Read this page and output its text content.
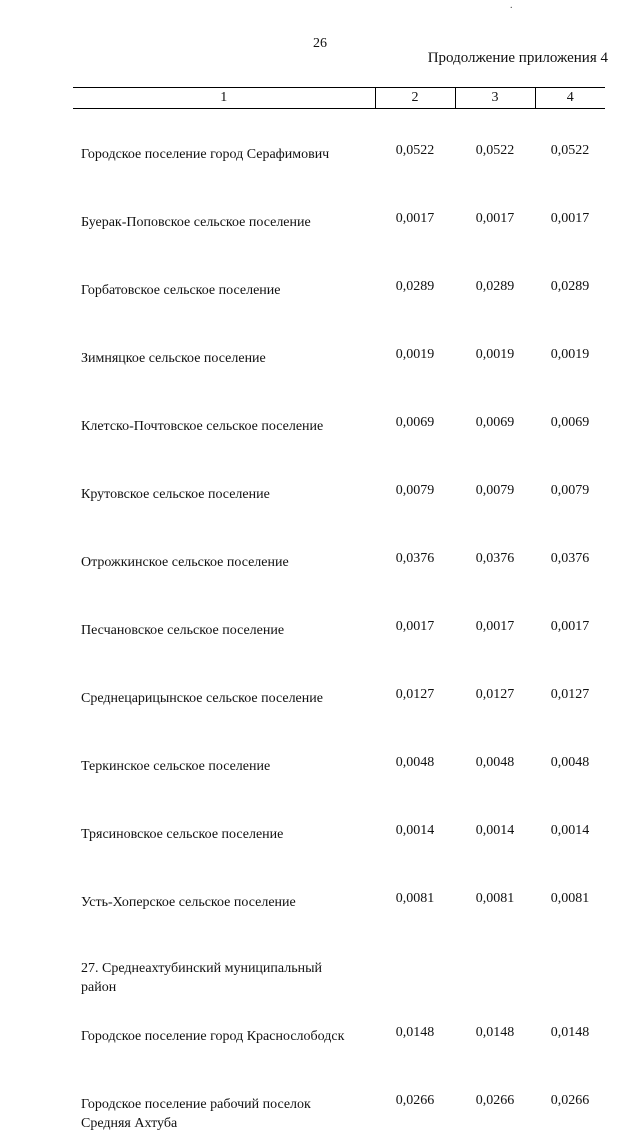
.
26
Продолжение приложения 4
1	2	3	4
Городское поселение город Серафимович	0,0522	0,0522	0,0522
Буерак-Поповское сельское поселение	0,0017	0,0017	0,0017
Горбатовское сельское поселение	0,0289	0,0289	0,0289
Зимняцкое сельское поселение	0,0019	0,0019	0,0019
Клетско-Почтовское сельское поселение	0,0069	0,0069	0,0069
Крутовское сельское поселение	0,0079	0,0079	0,0079
Отрожкинское сельское поселение	0,0376	0,0376	0,0376
Песчановское сельское поселение	0,0017	0,0017	0,0017
Среднецарицынское сельское поселение	0,0127	0,0127	0,0127
Теркинское сельское поселение	0,0048	0,0048	0,0048
Трясиновское сельское поселение	0,0014	0,0014	0,0014
Усть-Хоперское сельское поселение	0,0081	0,0081	0,0081
27. Среднеахтубинский муниципальный район			
Городское поселение город Краснослободск	0,0148	0,0148	0,0148
Городское поселение рабочий поселок Средняя Ахтуба	0,0266	0,0266	0,0266
